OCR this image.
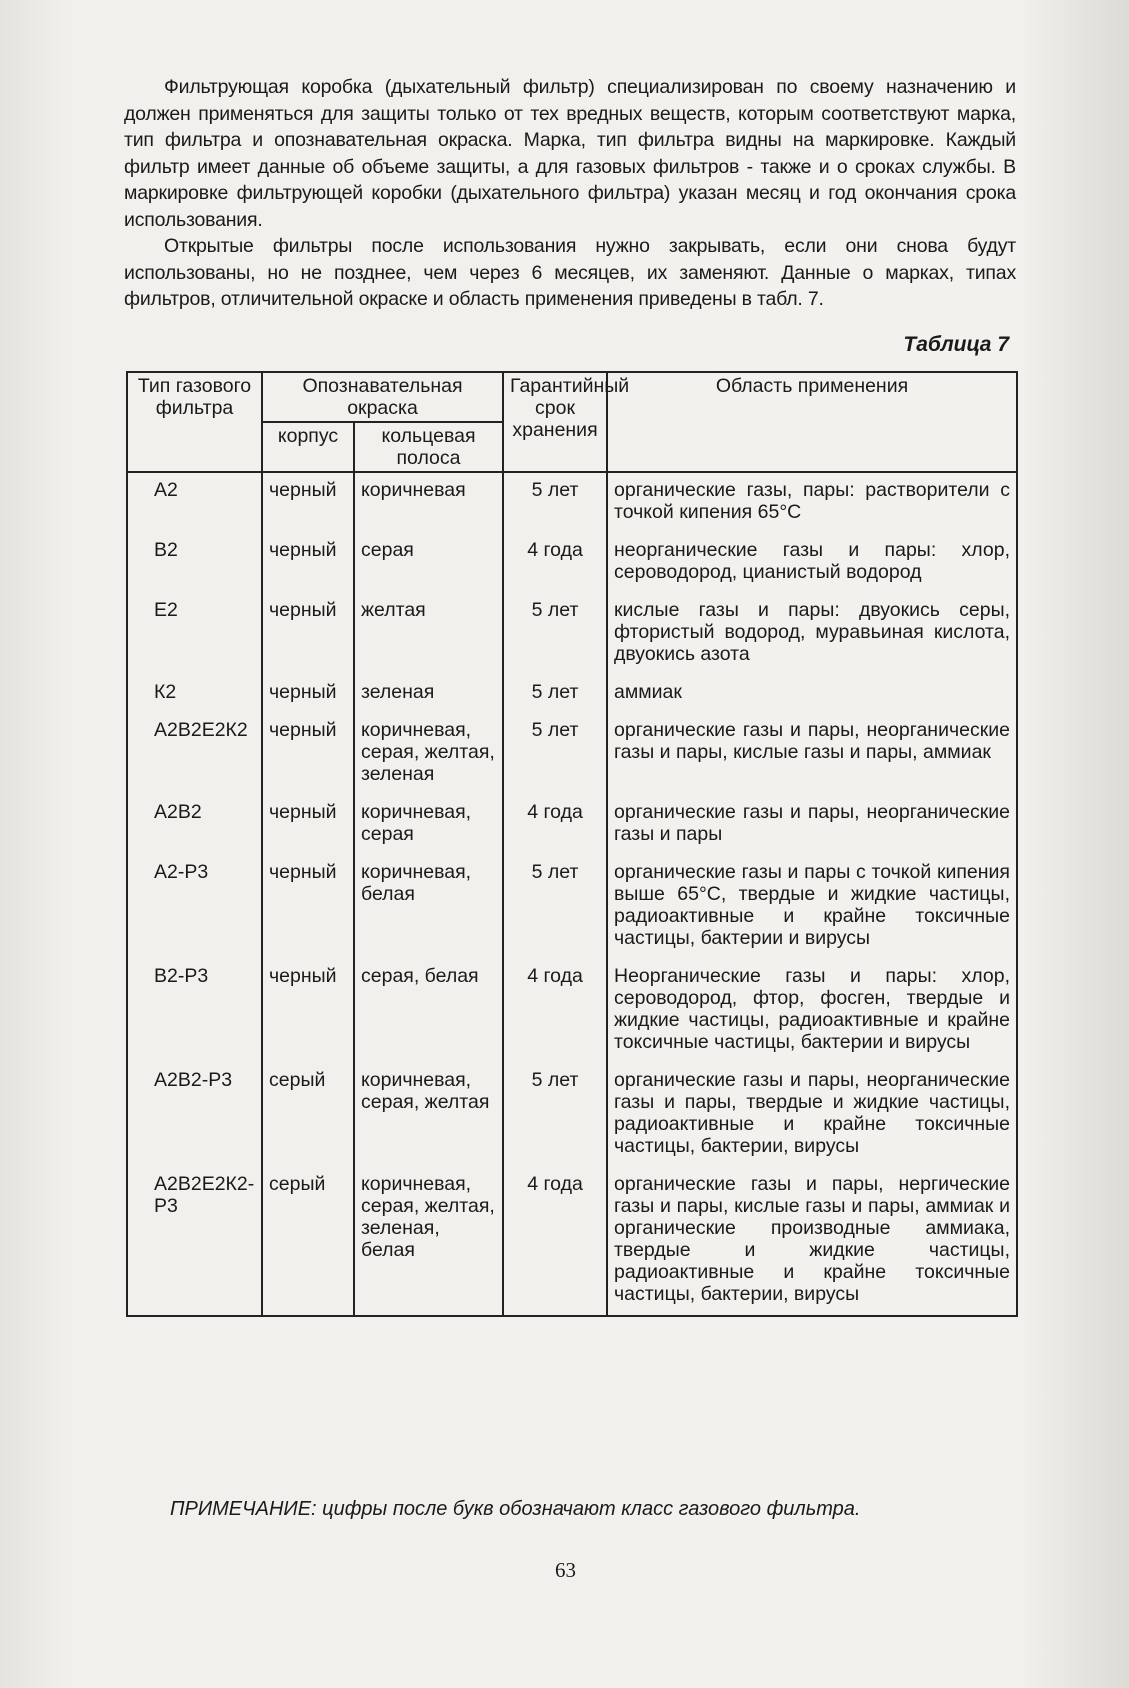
Фильтрующая коробка (дыхательный фильтр) специализирован по своему назначению и должен применяться для защиты только от тех вредных веществ, которым соответствуют марка, тип фильтра и опознавательная окраска. Марка, тип фильтра видны на маркировке. Каждый фильтр имеет данные об объеме защиты, а для газовых фильтров - также и о сроках службы. В маркировке фильтрующей коробки (дыхательного фильтра) указан месяц и год окончания срока использования.

Открытые фильтры после использования нужно закрывать, если они снова будут использованы, но не позднее, чем через 6 месяцев, их заменяют. Данные о марках, типах фильтров, отличительной окраске и область применения приведены в табл. 7.

Таблица 7
Тип газового фильтра	Опознавательная окраска		Гарантийный срок хранения	Область применения
	корпус	кольцевая полоса		
А2	черный	коричневая	5 лет	органические газы, пары: растворители с точкой кипения 65°С
В2	черный	серая	4 года	неорганические газы и пары: хлор, сероводород, цианистый водород
Е2	черный	желтая	5 лет	кислые газы и пары: двуокись серы, фтористый водород, муравьиная кислота, двуокись азота
К2	черный	зеленая	5 лет	аммиак
А2В2Е2К2	черный	коричневая, серая, желтая, зеленая	5 лет	органические газы и пары, неорганические газы и пары, кислые газы и пары, аммиак
А2В2	черный	коричневая, серая	4 года	органические газы и пары, неорганические газы и пары
А2-Р3	черный	коричневая, белая	5 лет	органические газы и пары с точкой кипения выше 65°С, твердые и жидкие частицы, радиоактивные и крайне токсичные частицы, бактерии и вирусы
В2-Р3	черный	серая, белая	4 года	Неорганические газы и пары: хлор, сероводород, фтор, фосген, твердые и жидкие частицы, радиоактивные и крайне токсичные частицы, бактерии и вирусы
А2В2-Р3	серый	коричневая, серая, желтая	5 лет	органические газы и пары, неорганические газы и пары, твердые и жидкие частицы, радиоактивные и крайне токсичные частицы, бактерии, вирусы
А2В2Е2К2-Р3	серый	коричневая, серая, желтая, зеленая, белая	4 года	органические газы и пары, нергические газы и пары, кислые газы и пары, аммиак и органические производные аммиака, твердые и жидкие частицы, радиоактивные и крайне токсичные частицы, бактерии, вирусы
ПРИМЕЧАНИЕ: цифры после букв обозначают класс газового фильтра.
63
